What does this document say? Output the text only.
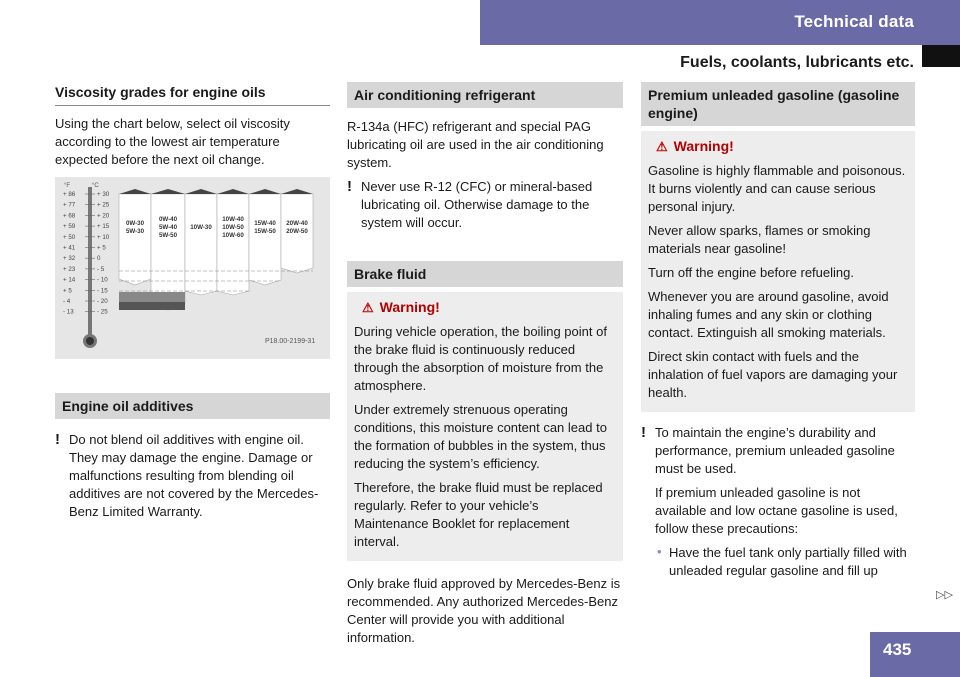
Technical data
Fuels, coolants, lubricants etc.
Viscosity grades for engine oils

Using the chart below, select oil viscosity according to the lowest air temperature expected before the next oil change.

°F	°C
+ 86
+ 77
+ 68
+ 59
+ 50
+ 41
+ 32
+ 23
+ 14
+ 5
- 4
- 13
+ 30
+ 25
+ 20
+ 15
+ 10
+ 5
0
- 5
- 10
- 15
- 20
- 25
0W-30
5W-30
0W-40
5W-40
5W-50
10W-30
10W-40
10W-50
10W-60
15W-40
15W-50
20W-40
20W-50
P18.00-2199-31
Engine oil additives
! Do not blend oil additives with engine oil. They may damage the engine. Damage or malfunctions resulting from blending oil additives are not covered by the Mercedes-Benz Limited Warranty.
Air conditioning refrigerant

R-134a (HFC) refrigerant and special PAG lubricating oil are used in the air conditioning system.

! Never use R-12 (CFC) or mineral-based lubricating oil. Otherwise damage to the system will occur.
Brake fluid
⚠ Warning!

During vehicle operation, the boiling point of the brake fluid is continuously reduced through the absorption of moisture from the atmosphere.

Under extremely strenuous operating conditions, this moisture content can lead to the formation of bubbles in the system, thus reducing the system’s efficiency.

Therefore, the brake fluid must be replaced regularly. Refer to your vehicle’s Maintenance Booklet for replacement interval.

Only brake fluid approved by Mercedes-Benz is recommended. Any authorized Mercedes-Benz Center will provide you with additional information.

Premium unleaded gasoline (gasoline engine)
⚠ Warning!

Gasoline is highly flammable and poisonous. It burns violently and can cause serious personal injury.

Never allow sparks, flames or smoking materials near gasoline!

Turn off the engine before refueling.

Whenever you are around gasoline, avoid inhaling fumes and any skin or clothing contact. Extinguish all smoking materials.

Direct skin contact with fuels and the inhalation of fuel vapors are damaging your health.

! To maintain the engine’s durability and performance, premium unleaded gasoline must be used.

If premium unleaded gasoline is not available and low octane gasoline is used, follow these precautions:

• Have the fuel tank only partially filled with unleaded regular gasoline and fill up
▷▷
435
